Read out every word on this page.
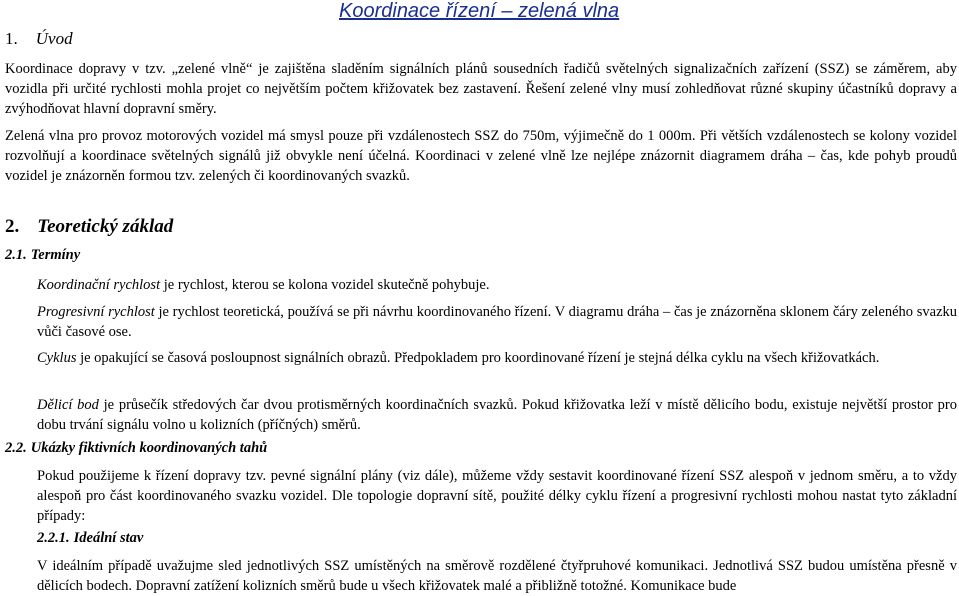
Koordinace řízení – zelená vlna
1. Úvod

Koordinace dopravy v tzv. „zelené vlně“ je zajištěna sladěním signálních plánů sousedních řadičů světelných signalizačních zařízení (SSZ) se záměrem, aby vozidla při určité rychlosti mohla projet co největším počtem křižovatek bez zastavení. Řešení zelené vlny musí zohledňovat různé skupiny účastníků dopravy a zvýhodňovat hlavní dopravní směry.

Zelená vlna pro provoz motorových vozidel má smysl pouze při vzdálenostech SSZ do 750m, výjimečně do 1 000m. Při větších vzdálenostech se kolony vozidel rozvolňují a koordinace světelných signálů již obvykle není účelná. Koordinaci v zelené vlně lze nejlépe znázornit diagramem dráha – čas, kde pohyb proudů vozidel je znázorněn formou tzv. zelených či koordinovaných svazků.

2. Teoretický základ
2.1. Termíny

Koordinační rychlost je rychlost, kterou se kolona vozidel skutečně pohybuje.

Progresivní rychlost je rychlost teoretická, používá se při návrhu koordinovaného řízení. V diagramu dráha – čas je znázorněna sklonem čáry zeleného svazku vůči časové ose.

Cyklus je opakující se časová posloupnost signálních obrazů. Předpokladem pro koordinované řízení je stejná délka cyklu na všech křižovatkách.

Dělicí bod je průsečík středových čar dvou protisměrných koordinačních svazků. Pokud křižovatka leží v místě dělicího bodu, existuje největší prostor pro dobu trvání signálu volno u kolizních (příčných) směrů.

2.2. Ukázky fiktivních koordinovaných tahů

Pokud použijeme k řízení dopravy tzv. pevné signální plány (viz dále), můžeme vždy sestavit koordinované řízení SSZ alespoň v jednom směru, a to vždy alespoň pro část koordinovaného svazku vozidel. Dle topologie dopravní sítě, použité délky cyklu řízení a progresivní rychlosti mohou nastat tyto základní případy:

2.2.1. Ideální stav

V ideálním případě uvažujme sled jednotlivých SSZ umístěných na směrově rozdělené čtyřpruhové komunikaci. Jednotlivá SSZ budou umístěna přesně v dělicích bodech. Dopravní zatížení kolizních směrů bude u všech křižovatek malé a přibližně totožné. Komunikace bude
